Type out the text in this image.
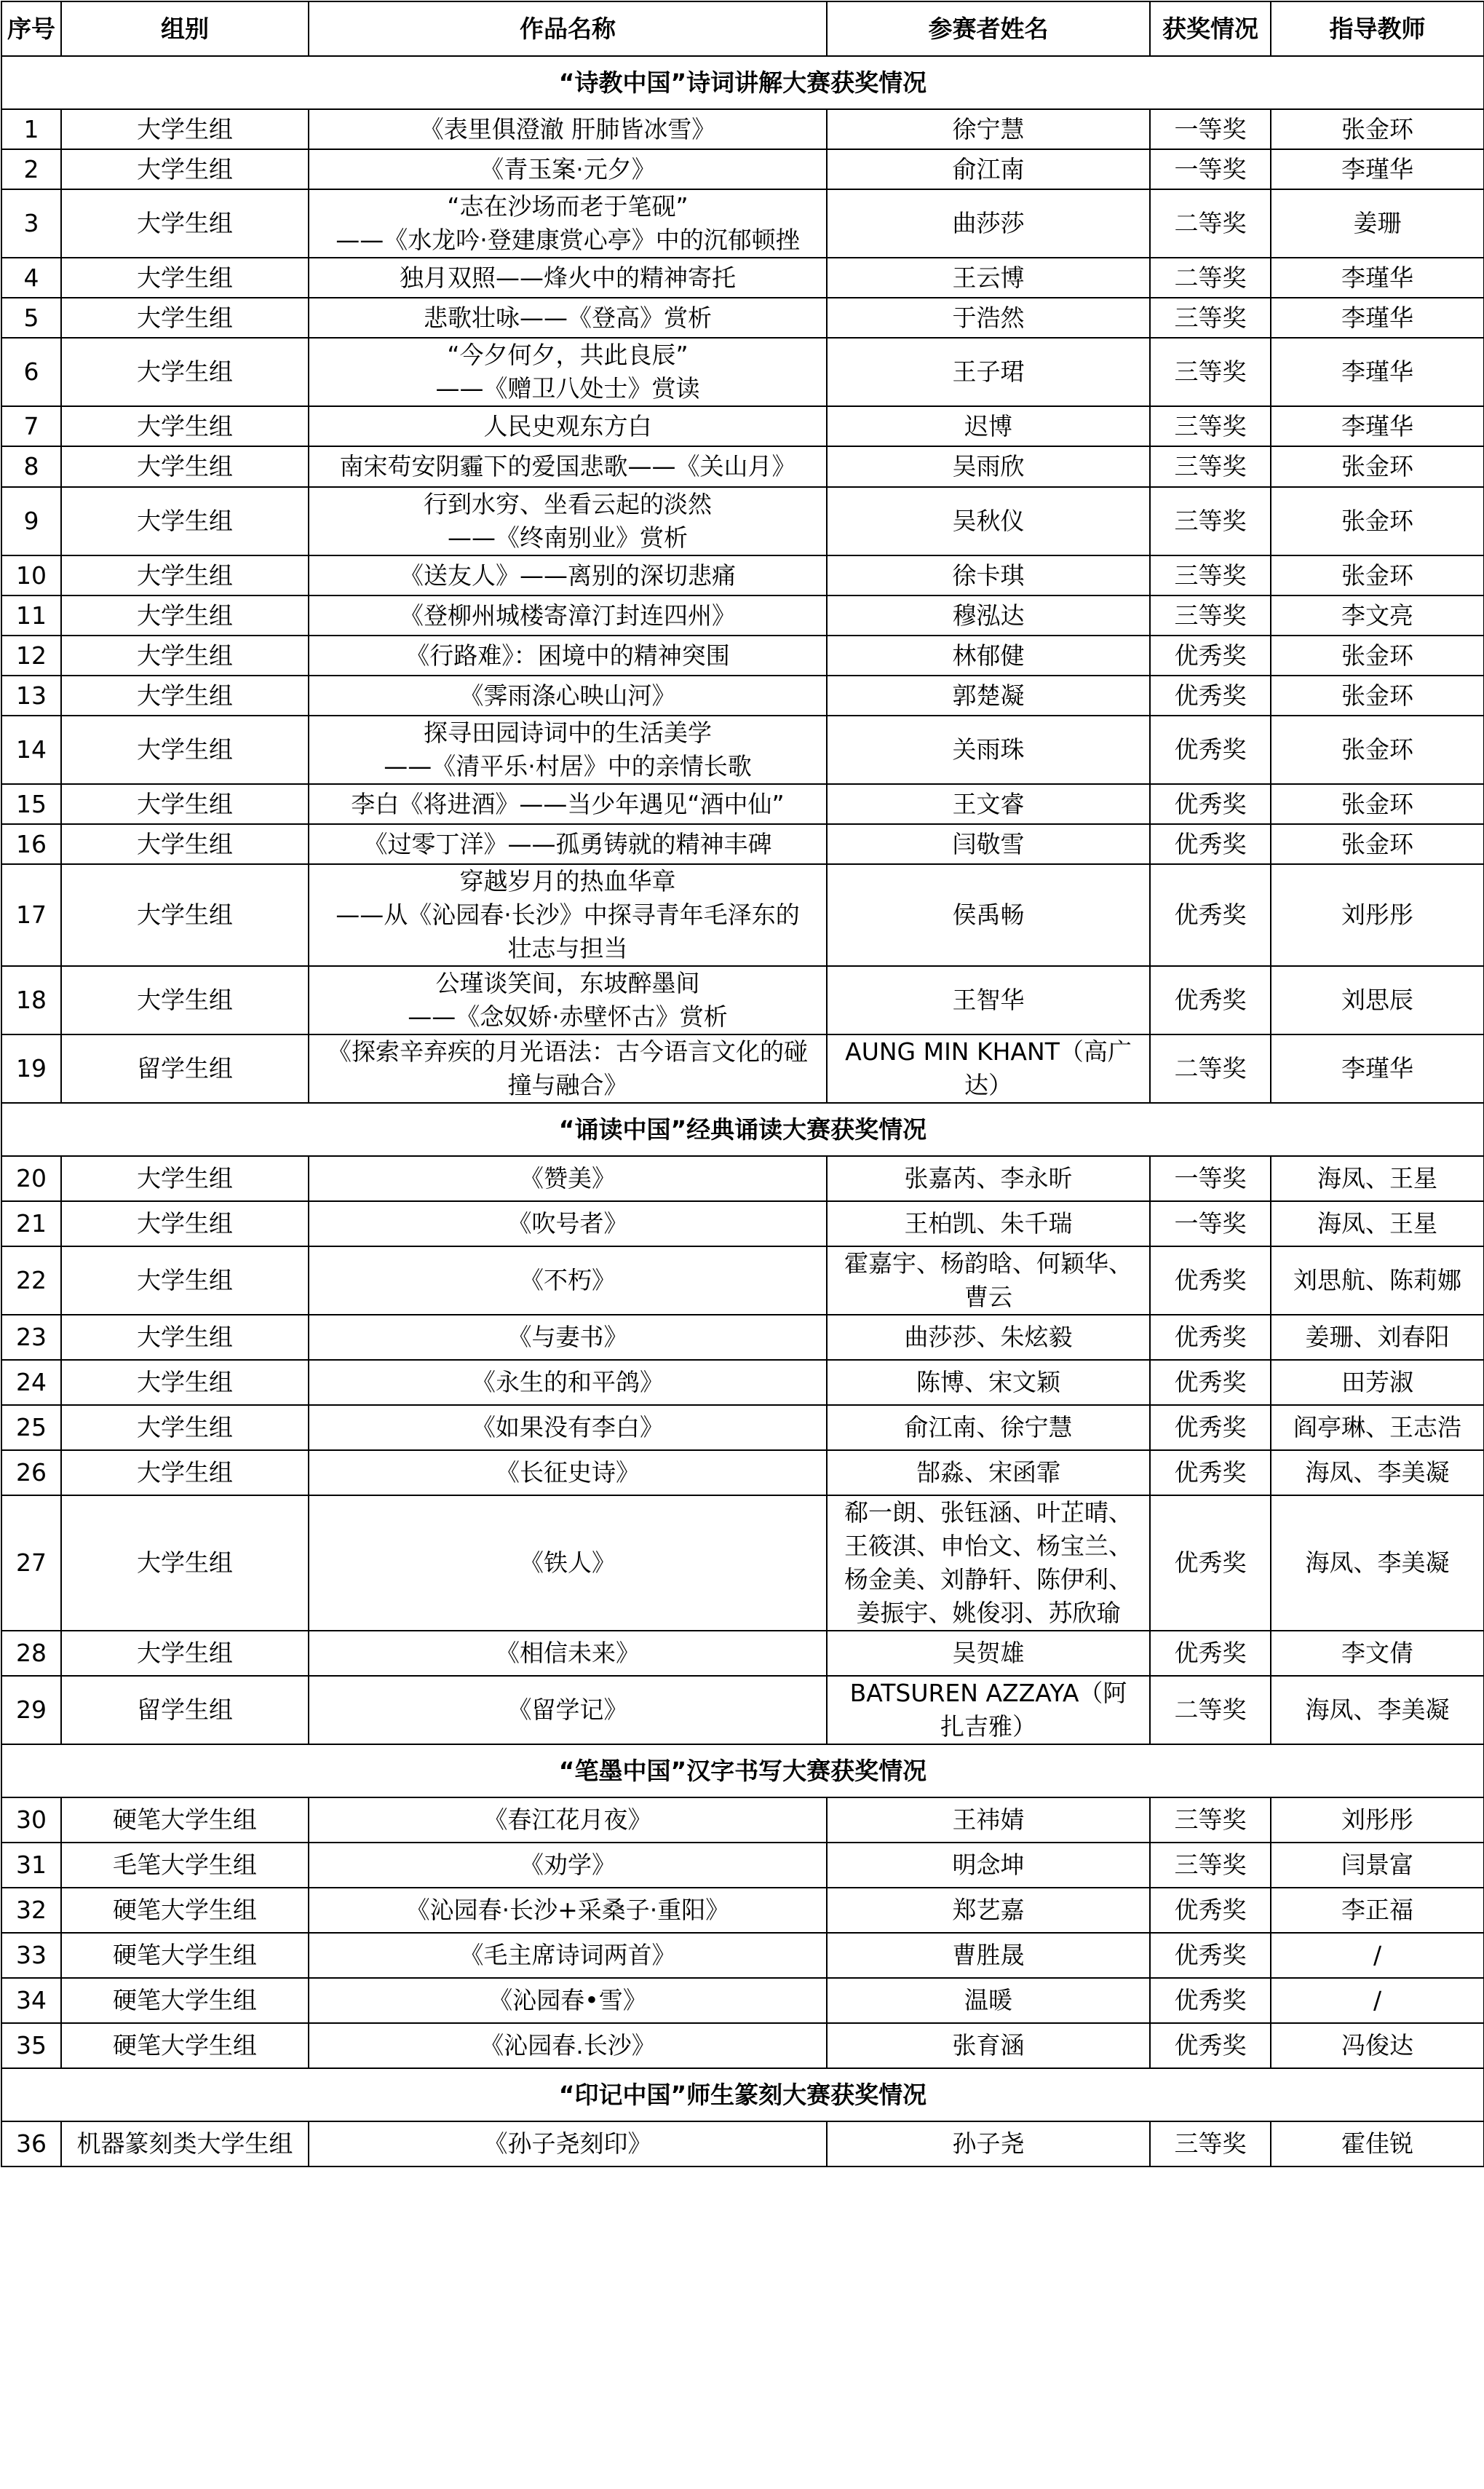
序号	组别	作品名称	参赛者姓名	获奖情况	指导教师
“诗教中国”诗词讲解大赛获奖情况					
1	大学生组	《表里俱澄澈 肝肺皆冰雪》	徐宁慧	一等奖	张金环
2	大学生组	《青玉案·元夕》	俞江南	一等奖	李瑾华
3	大学生组	“志在沙场而老于笔砚”
——《水龙吟·登建康赏心亭》中的沉郁顿挫	曲莎莎	二等奖	姜珊
4	大学生组	独月双照——烽火中的精神寄托	王云博	二等奖	李瑾华
5	大学生组	悲歌壮咏——《登高》赏析	于浩然	三等奖	李瑾华
6	大学生组	“今夕何夕，共此良辰”
——《赠卫八处士》赏读	王子珺	三等奖	李瑾华
7	大学生组	人民史观东方白	迟博	三等奖	李瑾华
8	大学生组	南宋苟安阴霾下的爱国悲歌——《关山月》	吴雨欣	三等奖	张金环
9	大学生组	行到水穷、坐看云起的淡然
——《终南别业》赏析	吴秋仪	三等奖	张金环
10	大学生组	《送友人》——离别的深切悲痛	徐卡琪	三等奖	张金环
11	大学生组	《登柳州城楼寄漳汀封连四州》	穆泓达	三等奖	李文亮
12	大学生组	《行路难》：困境中的精神突围	林郁健	优秀奖	张金环
13	大学生组	《霁雨涤心映山河》	郭楚凝	优秀奖	张金环
14	大学生组	探寻田园诗词中的生活美学
——《清平乐·村居》中的亲情长歌	关雨珠	优秀奖	张金环
15	大学生组	李白《将进酒》——当少年遇见“酒中仙”	王文睿	优秀奖	张金环
16	大学生组	《过零丁洋》——孤勇铸就的精神丰碑	闫敬雪	优秀奖	张金环
17	大学生组	穿越岁月的热血华章
——从《沁园春·长沙》中探寻青年毛泽东的
壮志与担当	侯禹畅	优秀奖	刘彤彤
18	大学生组	公瑾谈笑间，东坡醉墨间
——《念奴娇·赤壁怀古》赏析	王智华	优秀奖	刘思辰
19	留学生组	《探索辛弃疾的月光语法：古今语言文化的碰
撞与融合》	AUNG MIN KHANT（高广
达）	二等奖	李瑾华
“诵读中国”经典诵读大赛获奖情况					
20	大学生组	《赞美》	张嘉芮、李永昕	一等奖	海凤、王星
21	大学生组	《吹号者》	王柏凯、朱千瑞	一等奖	海凤、王星
22	大学生组	《不朽》	霍嘉宇、杨韵晗、何颖华、
曹云	优秀奖	刘思航、陈莉娜
23	大学生组	《与妻书》	曲莎莎、朱炫毅	优秀奖	姜珊、刘春阳
24	大学生组	《永生的和平鸽》	陈博、宋文颖	优秀奖	田芳淑
25	大学生组	《如果没有李白》	俞江南、徐宁慧	优秀奖	阎亭琳、王志浩
26	大学生组	《长征史诗》	郜淼、宋函霏	优秀奖	海凤、李美凝
27	大学生组	《铁人》	郗一朗、张钰涵、叶芷晴、
王筱淇、申怡文、杨宝兰、
杨金美、刘静轩、陈伊利、
姜振宇、姚俊羽、苏欣瑜	优秀奖	海凤、李美凝
28	大学生组	《相信未来》	吴贺雄	优秀奖	李文倩
29	留学生组	《留学记》	BATSUREN AZZAYA（阿
扎吉雅）	二等奖	海凤、李美凝
“笔墨中国”汉字书写大赛获奖情况					
30	硬笔大学生组	《春江花月夜》	王祎婧	三等奖	刘彤彤
31	毛笔大学生组	《劝学》	明念坤	三等奖	闫景富
32	硬笔大学生组	《沁园春·长沙+采桑子·重阳》	郑艺嘉	优秀奖	李正福
33	硬笔大学生组	《毛主席诗词两首》	曹胜晟	优秀奖	/
34	硬笔大学生组	《沁园春•雪》	温暖	优秀奖	/
35	硬笔大学生组	《沁园春.长沙》	张育涵	优秀奖	冯俊达
“印记中国”师生篆刻大赛获奖情况					
36	机器篆刻类大学生组	《孙子尧刻印》	孙子尧	三等奖	霍佳锐
